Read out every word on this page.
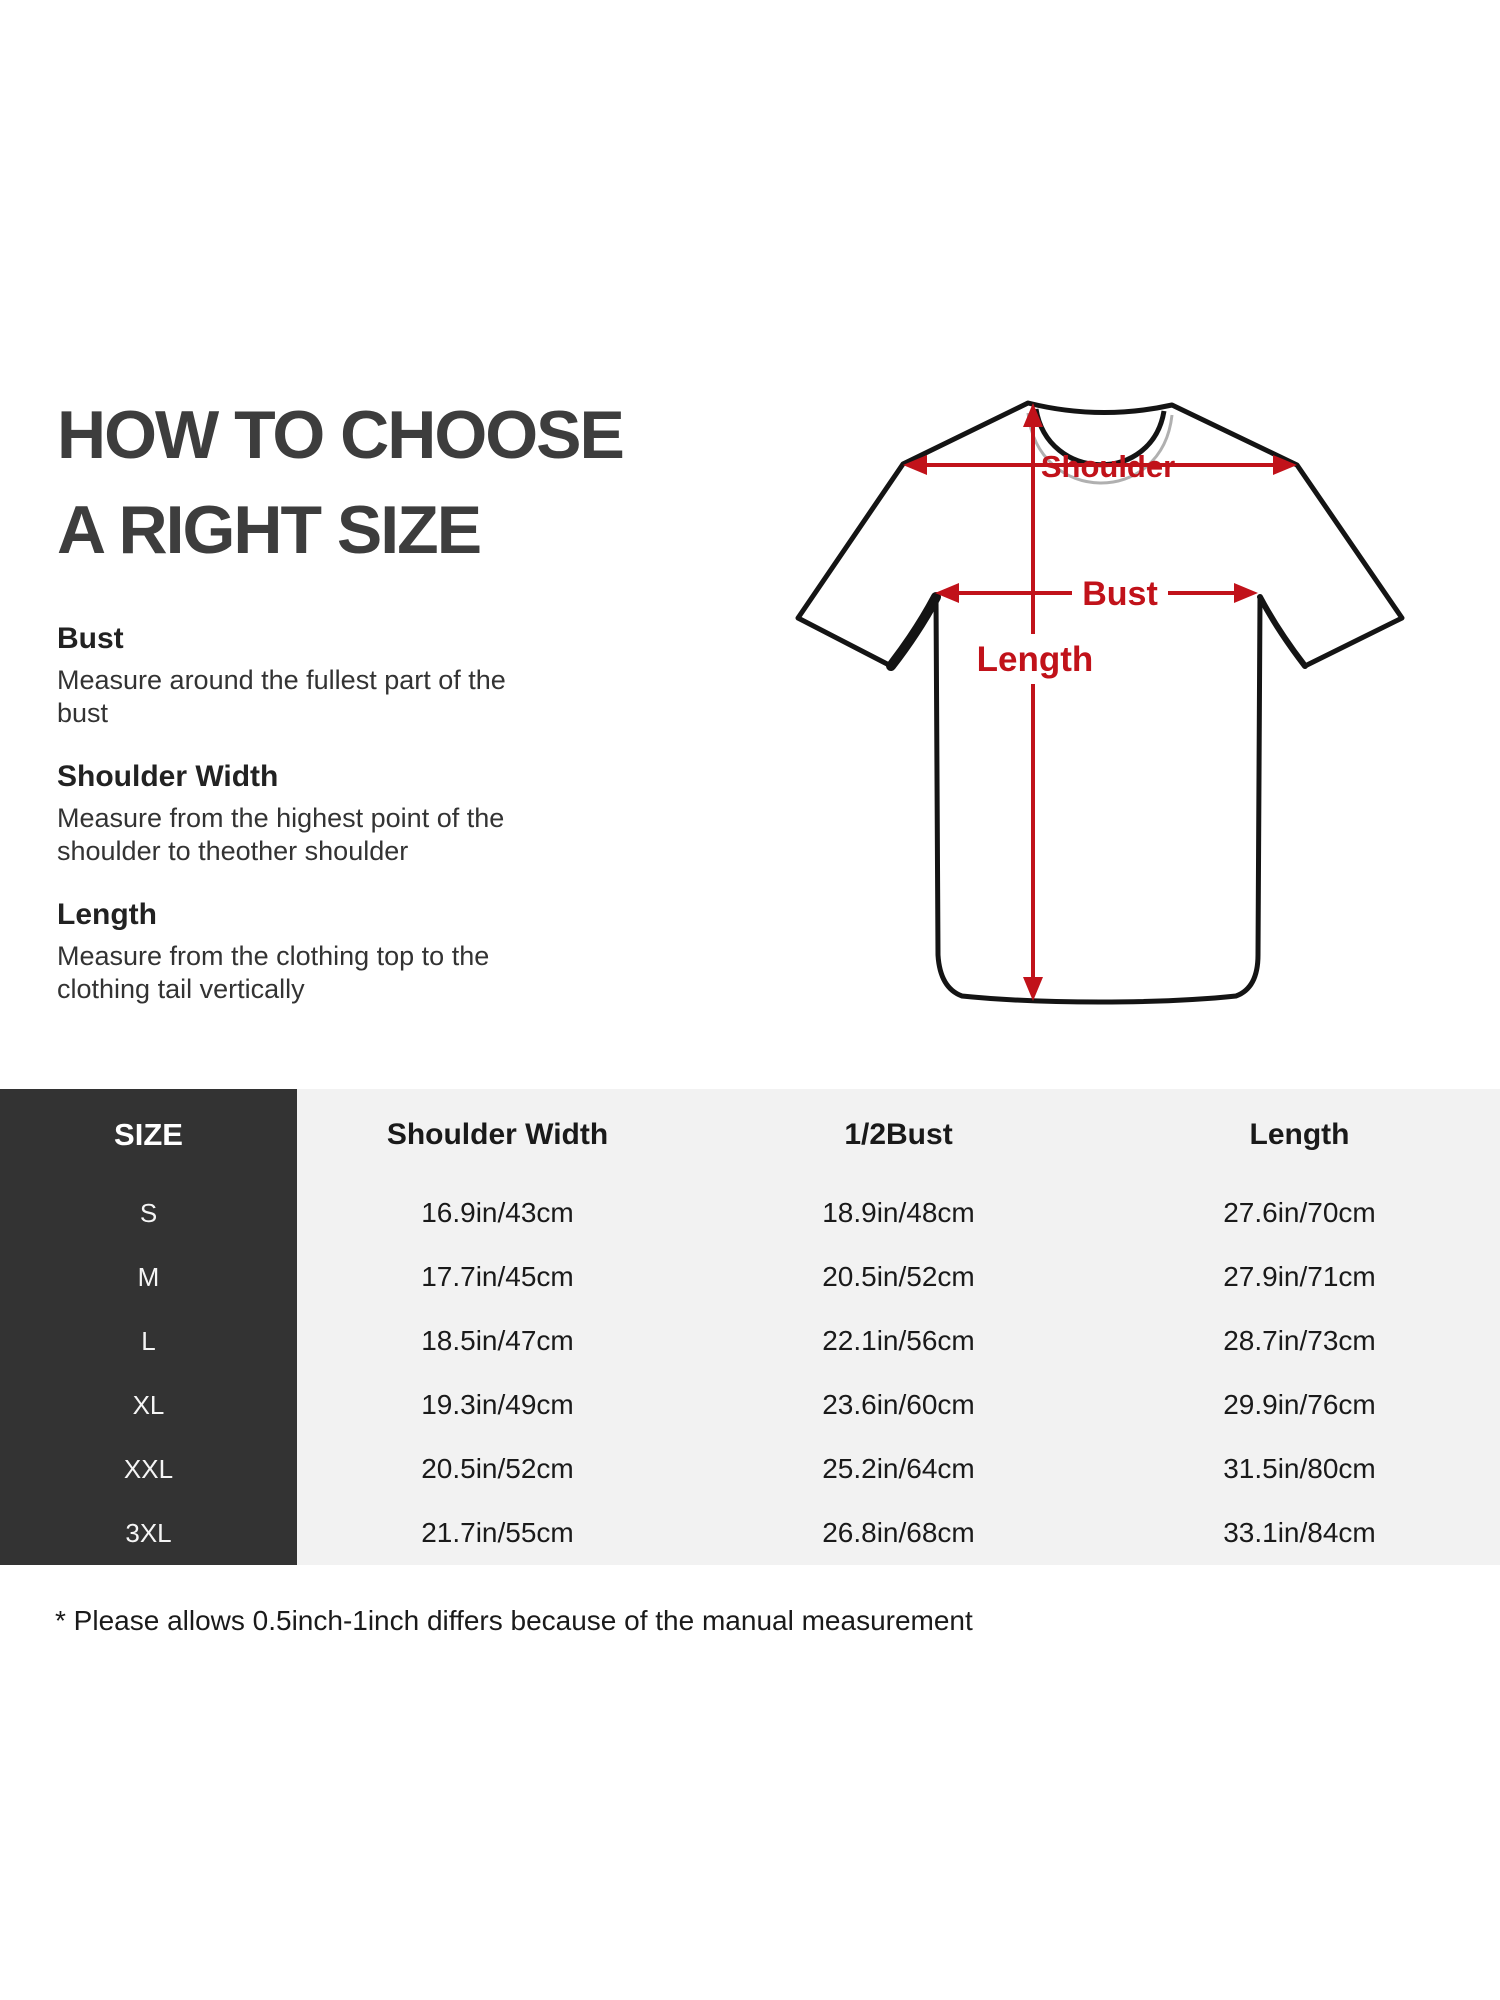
HOW TO CHOOSE
A RIGHT SIZE
Bust

Measure around the fullest part of the bust

Shoulder Width

Measure from the highest point of the shoulder to theother shoulder

Length

Measure from the clothing top to the clothing tail vertically

Shoulder
Bust
Length
SIZE	Shoulder Width	1/2Bust	Length
S	16.9in/43cm	18.9in/48cm	27.6in/70cm
M	17.7in/45cm	20.5in/52cm	27.9in/71cm
L	18.5in/47cm	22.1in/56cm	28.7in/73cm
XL	19.3in/49cm	23.6in/60cm	29.9in/76cm
XXL	20.5in/52cm	25.2in/64cm	31.5in/80cm
3XL	21.7in/55cm	26.8in/68cm	33.1in/84cm
* Please allows 0.5inch-1inch differs because of the manual measurement
